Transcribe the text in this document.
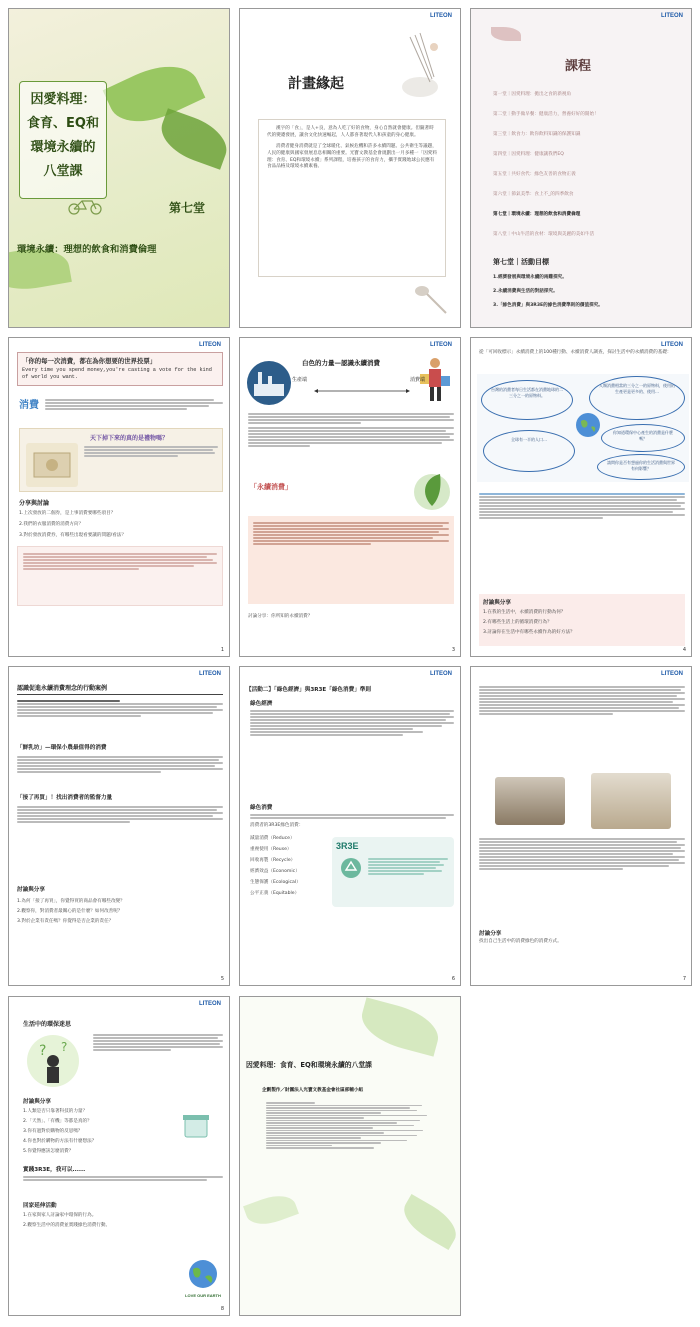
因愛料理：
食育、EQ和
環境永續的
八堂課
第七堂
環境永續：理想的飲食和消費倫理
LITEON
計畫緣起

漢字的「食」，是人+良，意為人吃了好的食物，身心自然就會健康。但隨著時代的變遷發展，讓食文化快速崛起，人人都喜著現代人和孩童的身心健康。

消費者健身消費就是了全球暖化、氣候危機和許多永續問題。公共衛生等議題，人民的健康與國家發展息息相關的重要。光寶文教基金會規劃出一月多種一「因愛料理：食育、EQ和環境永續」系列課程，培養孩子的食育力，攜手實踐地球公民應有食品品格及環境永續素養。

LITEON
課程
第一堂｜因愛料理：拋出之食的新視角
第二堂｜動手做早餐：健康活力，營養好好的開始！
第三堂｜飲食力：飲你飲料知識的保護知識
第四堂｜因愛料理：健康讓我們EQ
第五堂｜共好食代：綠色友善的食物正義
第六堂｜節氣美學：食上不_的四季飲食
第七堂｜環境永續：理想的飲食和消費倫理
第八堂｜中山牛活的食材：環境與美麗的美如牛活
第七堂｜活動目標
1.經濟發展與環境永續的兩難探究。
2.永續消費與生活的對話探究。
3.「綠色消費」與3R3E的綠色消費準則的價值探究。
LITEON
「你的每一次消費，都在為你想要的世界投票」
Every time you spend money,you're casting a vote for the kind of world you want.
消費
天下掉下來的真的是禮物嗎？
分享與討論
1.上次發放的二個券，是上事消費要哪些項目？
2.我們的衣服消費的消費方向？
3.對於發放消費券，有哪些出現看要讓的問題/看法？
1
LITEON
白色的力量—認識永續消費
生產端	消費端
「永續消費」
討論分享：你所知的永續消費？
3
LITEON
從「可回收標示」永續消費上的100種行動、永續消費人調查，探討生活中的永續消費的基礎：
台灣的消費者每日生活都在消費地球的二三分之一的原物料。
人類消費相當的三分之一的原物料，使用的生產更是更多的、使用…
你知道環保中心產生的消費是什麼嗎？
全球有一半的人口…
請問你是否有想過你的生活消費與世界有何影響？
討論與分享
1.在我的生活中，永續消費的行動為何？
2.有哪些生活上的循環消費行為？
3.討論你在生活中有哪些永續作為的好方法？
4
LITEON
認識促進永續消費理念的行動案例
「鮮乳坊」—環保小農最值得的消費
「接了再買」！找出消費者的監督力量
討論與分享
1.為何「接了再買」，你覺得買的商品會有哪些改變？
2.觀察你，對消費者最關心的是什麼？如何改善呢？
3.對於企業有責任嗎？你覺得是否企業的責任？
5
LITEON
【活動二】「綠色經濟」與3R3E「綠色消費」準則
綠色經濟
綠色消費
消費者的3R3E綠色消費：
減量消費（Reduce）
重複使用（Reuse）
回收再製（Recycle）
經濟效益（Economic）
生態保護（Ecological）
公平正義（Equitable）
3R3E
6
LITEON
討論分享
找出自己生活中的消費綠色的消費方式。
7
LITEON
生活中的環保迷思
? ?
討論與分享
1.人類是否只靠著科技的力量？
2.「天然」、「有機」等都是真的？
3.你有過對於購物的反思嗎？
4.你也對於購物的方法有什麼想法？
5.你覺得應該怎麼消費？
實踐3R3E，我可以......
回家延伸活動
1.在家與家人討論家中環保的行為。
2.觀察生活中的消費並實踐綠色消費行動。
LOVE OUR EARTH
8
因愛料理：食育、EQ和環境永續的八堂課
企劃製作／財團法人光寶文教基金會社區部輔小組
